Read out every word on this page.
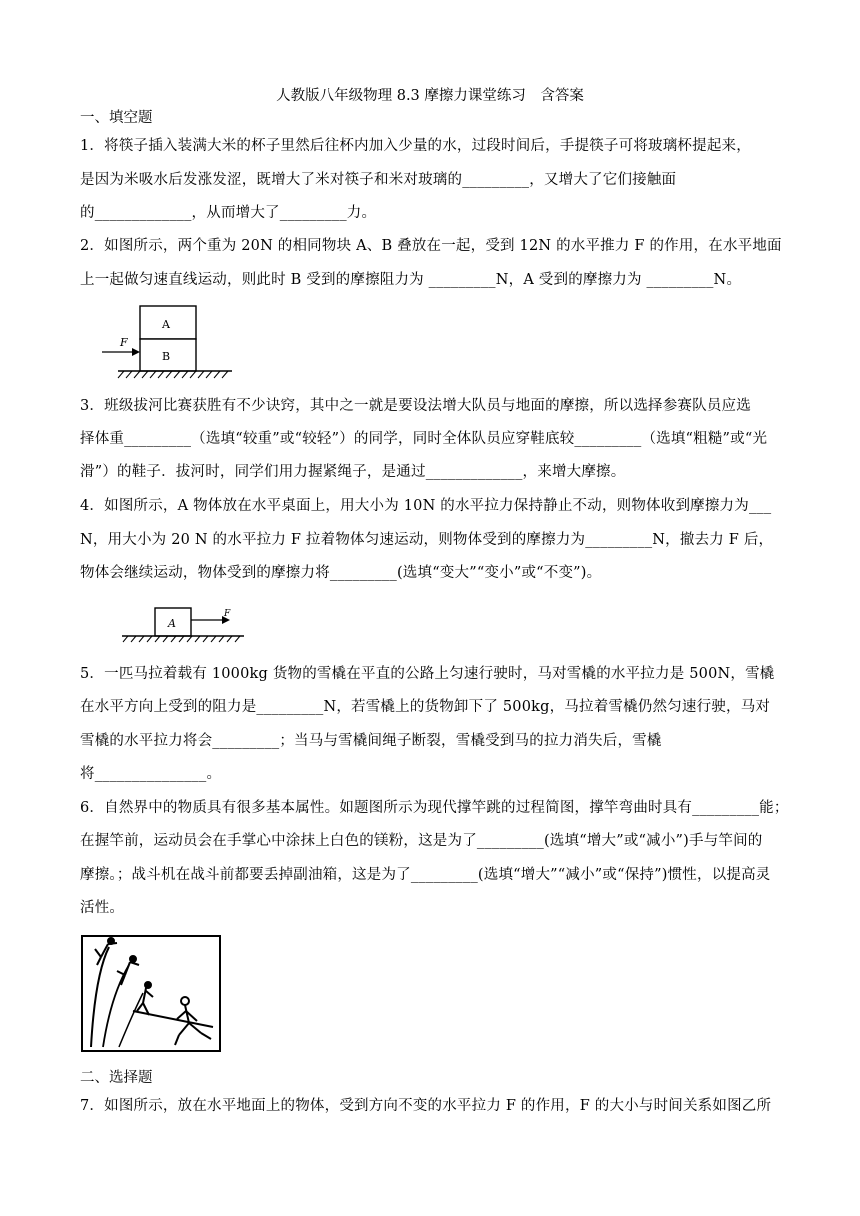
人教版八年级物理 8.3 摩擦力课堂练习　含答案
一、填空题
1．将筷子插入装满大米的杯子里然后往杯内加入少量的水，过段时间后，手提筷子可将玻璃杯提起来，
是因为米吸水后发涨发涩，既增大了米对筷子和米对玻璃的_________，又增大了它们接触面
的_____________，从而增大了_________力。
2．如图所示，两个重为 20N 的相同物块 A、B 叠放在一起，受到 12N 的水平推力 F 的作用，在水平地面
上一起做匀速直线运动，则此时 B 受到的摩擦阻力为 _________N，A 受到的摩擦力为 _________N。
A
B
F
3．班级拔河比赛获胜有不少诀窍，其中之一就是要设法增大队员与地面的摩擦，所以选择参赛队员应选
择体重_________（选填“较重”或“较轻”）的同学，同时全体队员应穿鞋底较_________（选填“粗糙”或“光
滑”）的鞋子．拔河时，同学们用力握紧绳子，是通过_____________，来增大摩擦。
4．如图所示，A 物体放在水平桌面上，用大小为 10N 的水平拉力保持静止不动，则物体收到摩擦力为___
N，用大小为 20 N 的水平拉力 F 拉着物体匀速运动，则物体受到的摩擦力为_________N，撤去力 F 后，
物体会继续运动，物体受到的摩擦力将_________(选填“变大”“变小”或“不变”)。
A
F
5．一匹马拉着载有 1000kg 货物的雪橇在平直的公路上匀速行驶时，马对雪橇的水平拉力是 500N，雪橇
在水平方向上受到的阻力是_________N，若雪橇上的货物卸下了 500kg，马拉着雪橇仍然匀速行驶，马对
雪橇的水平拉力将会_________；当马与雪橇间绳子断裂，雪橇受到马的拉力消失后，雪橇
将_______________。
6．自然界中的物质具有很多基本属性。如题图所示为现代撑竿跳的过程简图，撑竿弯曲时具有_________能；
在握竿前，运动员会在手掌心中涂抹上白色的镁粉，这是为了_________(选填“增大”或“减小”)手与竿间的
摩擦。；战斗机在战斗前都要丢掉副油箱，这是为了_________(选填“增大”“减小”或“保持”)惯性，以提高灵
活性。
二、选择题
7．如图所示，放在水平地面上的物体，受到方向不变的水平拉力 F 的作用，F 的大小与时间关系如图乙所
